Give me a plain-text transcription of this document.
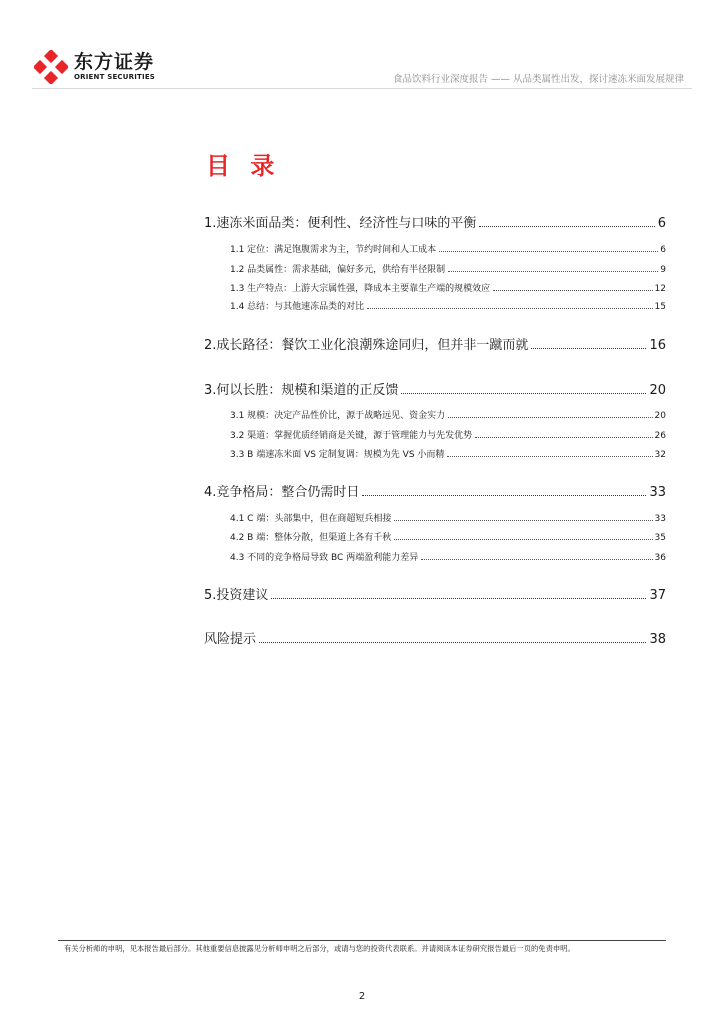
东方证券
ORIENT SECURITIES	食品饮料行业深度报告 —— 从品类属性出发，探讨速冻米面发展规律
目 录
1.速冻米面品类：便利性、经济性与口味的平衡	6
1.1 定位：满足饱腹需求为主，节约时间和人工成本	6
1.2 品类属性：需求基础，偏好多元，供给有半径限制	9
1.3 生产特点：上游大宗属性强，降成本主要靠生产端的规模效应	12
1.4 总结：与其他速冻品类的对比	15
2.成长路径：餐饮工业化浪潮殊途同归，但并非一蹴而就	16
3.何以长胜：规模和渠道的正反馈	20
3.1 规模：决定产品性价比，源于战略远见、资金实力	20
3.2 渠道：掌握优质经销商是关键，源于管理能力与先发优势	26
3.3 B 端速冻米面 VS 定制复调：规模为先 VS 小而精	32
4.竞争格局：整合仍需时日	33
4.1 C 端：头部集中，但在商超短兵相接	33
4.2 B 端：整体分散，但渠道上各有千秋	35
4.3 不同的竞争格局导致 BC 两端盈利能力差异	36
5.投资建议	37
风险提示	38
有关分析师的申明，见本报告最后部分。其他重要信息披露见分析师申明之后部分，或请与您的投资代表联系。并请阅读本证券研究报告最后一页的免责申明。
2
